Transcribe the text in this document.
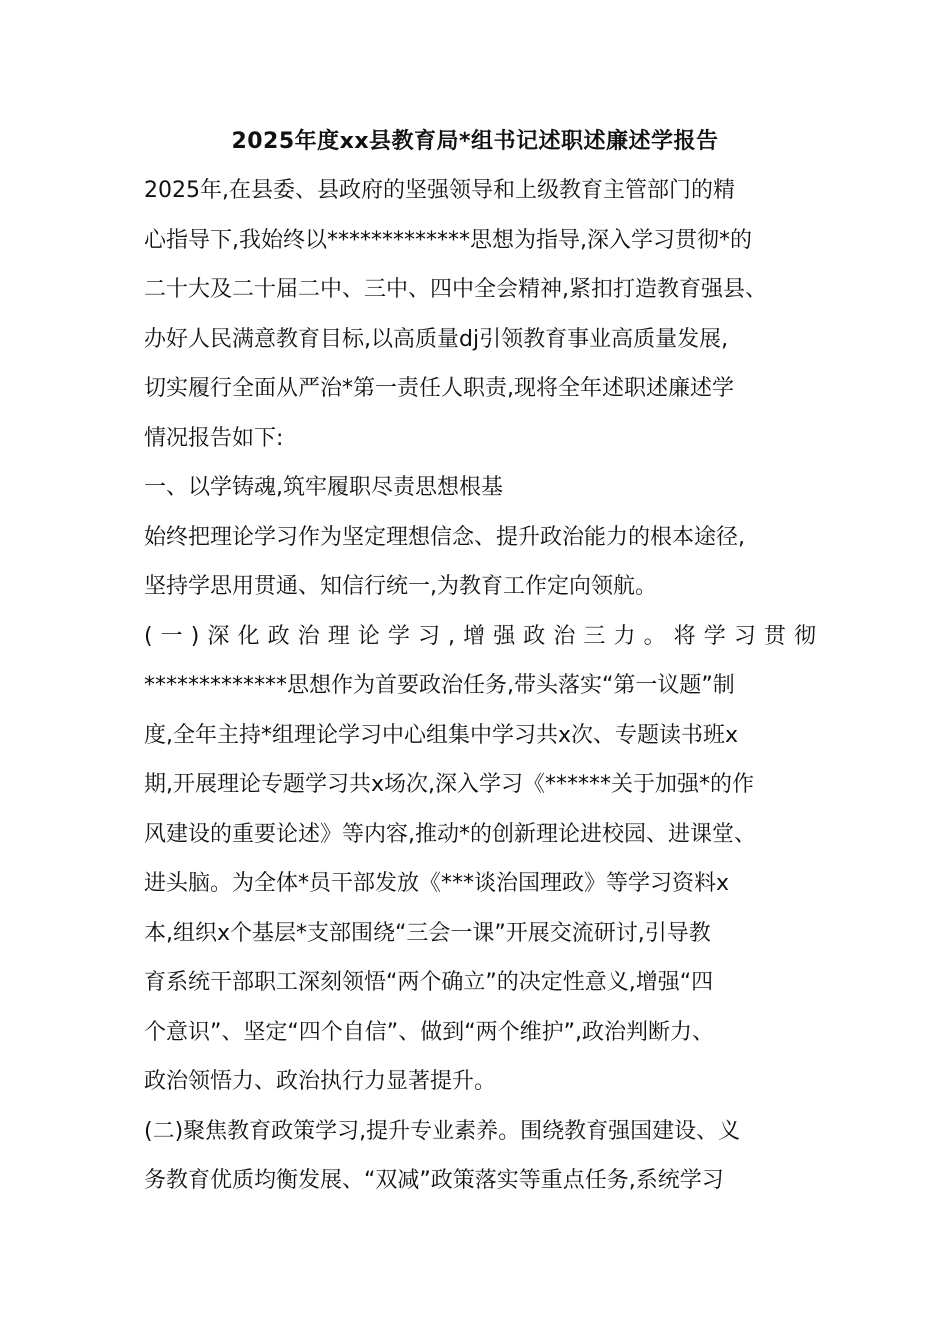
2025年度xx县教育局*组书记述职述廉述学报告
2025年,在县委、县政府的坚强领导和上级教育主管部门的精
心指导下,我始终以*************思想为指导,深入学习贯彻*的
二十大及二十届二中、三中、四中全会精神,紧扣打造教育强县、
办好人民满意教育目标,以高质量dj引领教育事业高质量发展,
切实履行全面从严治*第一责任人职责,现将全年述职述廉述学
情况报告如下:
一、以学铸魂,筑牢履职尽责思想根基
始终把理论学习作为坚定理想信念、提升政治能力的根本途径,
坚持学思用贯通、知信行统一,为教育工作定向领航。
(一)深化政治理论学习,增强政治三力。将学习贯彻
*************思想作为首要政治任务,带头落实“第一议题”制
度,全年主持*组理论学习中心组集中学习共x次、专题读书班x
期,开展理论专题学习共x场次,深入学习《******关于加强*的作
风建设的重要论述》等内容,推动*的创新理论进校园、进课堂、
进头脑。为全体*员干部发放《***谈治国理政》等学习资料x
本,组织x个基层*支部围绕“三会一课”开展交流研讨,引导教
育系统干部职工深刻领悟“两个确立”的决定性意义,增强“四
个意识”、坚定“四个自信”、做到“两个维护”,政治判断力、
政治领悟力、政治执行力显著提升。
(二)聚焦教育政策学习,提升专业素养。围绕教育强国建设、义
务教育优质均衡发展、“双减”政策落实等重点任务,系统学习
